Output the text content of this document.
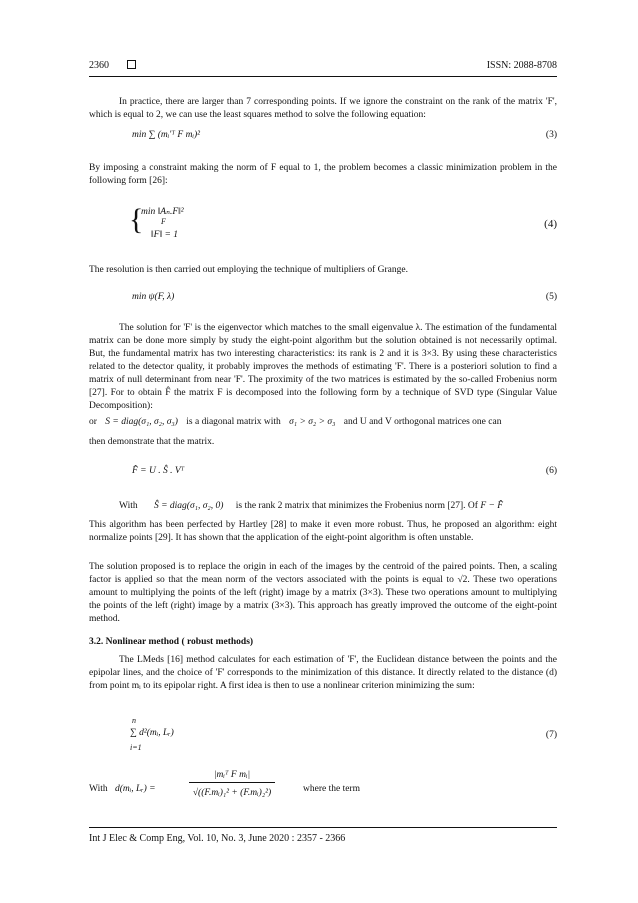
2360	ISSN: 2088-8708
In practice, there are larger than 7 corresponding points. If we ignore the constraint on the rank of the matrix 'F', which is equal to 2, we can use the least squares method to solve the following equation:
min ∑ (mᵢ′ᵀ F mᵢ)²	(3)
By imposing a constraint making the norm of F equal to 1, the problem becomes a classic minimization problem in the following form [26]:
{
min ‖Aₙ.F‖²
F
‖F‖ = 1
(4)
The resolution is then carried out employing the technique of multipliers of Grange.
min ψ(F, λ)	(5)
The solution for 'F' is the eigenvector which matches to the small eigenvalue λ. The estimation of the fundamental matrix can be done more simply by study the eight-point algorithm but the solution obtained is not necessarily optimal. But, the fundamental matrix has two interesting characteristics: its rank is 2 and it is 3×3. By using these characteristics related to the detector quality, it probably improves the methods of estimating 'F'. There is a posteriori solution to find a matrix of null determinant from near 'F'. The proximity of the two matrices is estimated by the so-called Frobenius norm [27]. For to obtain F̂ the matrix F is decomposed into the following form by a technique of SVD type (Singular Value Decomposition):
or S = diag(σ₁, σ₂, σ₃) is a diagonal matrix with σ₁ > σ₂ > σ₃ and U and V orthogonal matrices one can
then demonstrate that the matrix.
F̂ = U . Ŝ . Vᵀ	(6)
With Ŝ = diag(σ₁, σ₂, 0) is the rank 2 matrix that minimizes the Frobenius norm [27]. Of F − F̂
This algorithm has been perfected by Hartley [28] to make it even more robust. Thus, he proposed an algorithm: eight normalize points [29]. It has shown that the application of the eight-point algorithm is often unstable.
The solution proposed is to replace the origin in each of the images by the centroid of the paired points. Then, a scaling factor is applied so that the mean norm of the vectors associated with the points is equal to √2. These two operations amount to multiplying the points of the left (right) image by a matrix (3×3). These two operations amount to multiplying the points of the left (right) image by a matrix (3×3). This approach has greatly improved the outcome of the eight-point method.
3.2. Nonlinear method ( robust methods)
The LMeds [16] method calculates for each estimation of 'F', the Euclidean distance between the points and the epipolar lines, and the choice of 'F' corresponds to the minimization of this distance. It directly related to the distance (d) from point mᵢ to its epipolar right. A first idea is then to use a nonlinear criterion minimizing the sum:
n
∑ d²(mᵢ, Lᵣ)
i=1
(7)
With d(mᵢ, Lᵣ) =
|mᵢᵀ F mᵢ|
√((F.mᵢ)₁² + (F.mᵢ)₂²)	where the term
Int J Elec & Comp Eng, Vol. 10, No. 3, June 2020 : 2357 - 2366
